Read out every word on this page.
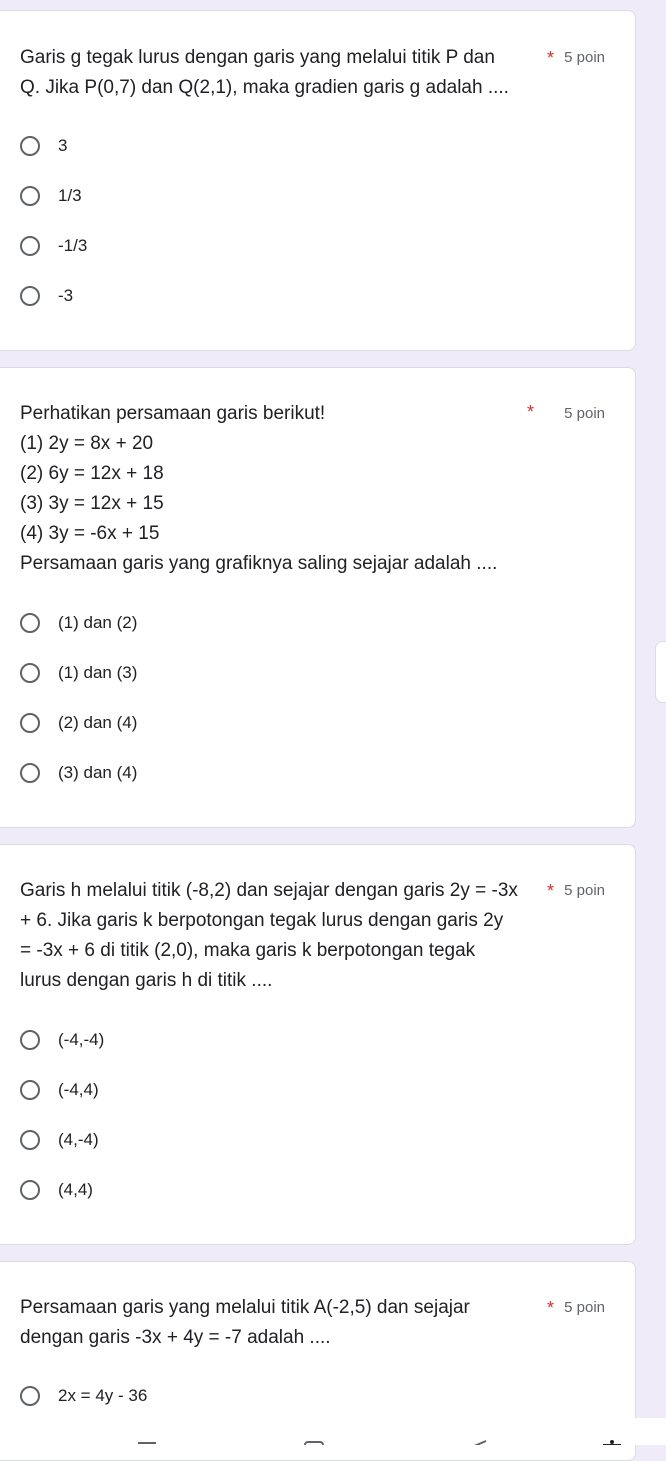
Garis g tegak lurus dengan garis yang melalui titik P dan
Q. Jika P(0,7) dan Q(2,1), maka gradien garis g adalah ....
* 5 poin
3
1/3
-1/3
-3
Perhatikan persamaan garis berikut!
(1) 2y = 8x + 20
(2) 6y = 12x + 18
(3) 3y = 12x + 15
(4) 3y = -6x + 15
Persamaan garis yang grafiknya saling sejajar adalah ....
* 5 poin
(1) dan (2)
(1) dan (3)
(2) dan (4)
(3) dan (4)
Garis h melalui titik (-8,2) dan sejajar dengan garis 2y = -3x
+ 6. Jika garis k berpotongan tegak lurus dengan garis 2y
= -3x + 6 di titik (2,0), maka garis k berpotongan tegak
lurus dengan garis h di titik ....
* 5 poin
(-4,-4)
(-4,4)
(4,-4)
(4,4)
Persamaan garis yang melalui titik A(-2,5) dan sejajar
dengan garis -3x + 4y = -7 adalah ....
* 5 poin
2x = 4y - 36
